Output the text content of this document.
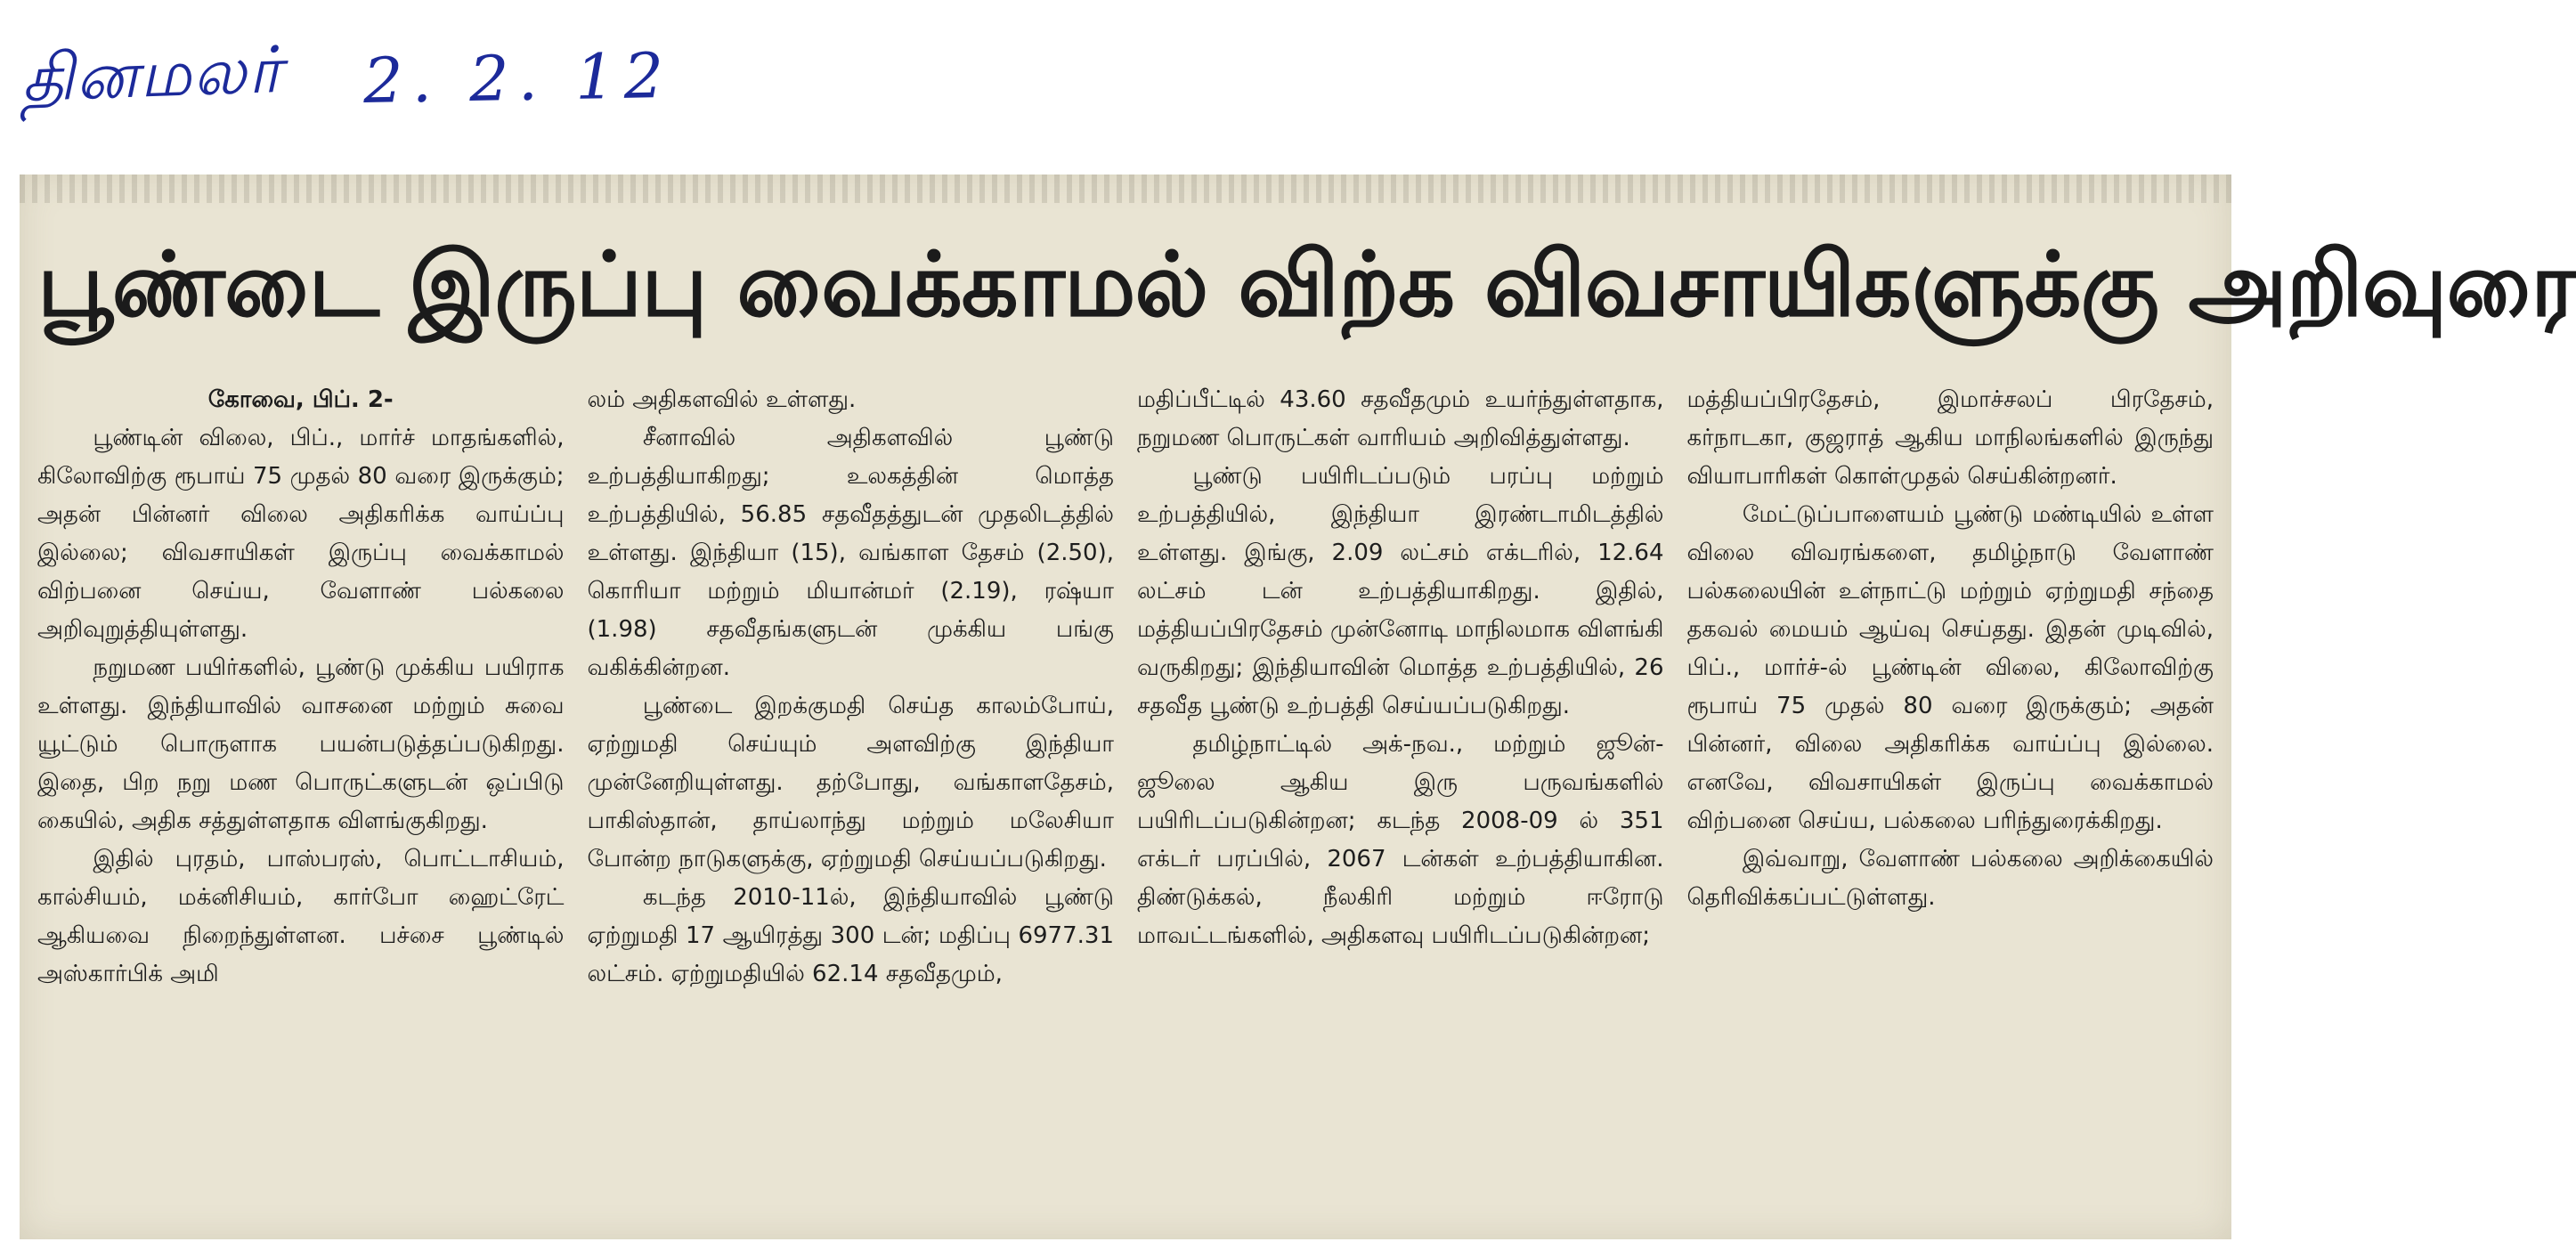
தினமலர் 2. 2. 12
பூண்டை இருப்பு வைக்காமல் விற்க விவசாயிகளுக்கு அறிவுரை
கோவை, பிப். 2-

பூண்டின் விலை, பிப்., மார்ச் மாதங்களில், கிலோவிற்கு ரூபாய் 75 முதல் 80 வரை இருக்கும்; அதன் பின்னர் விலை அதிகரிக்க வாய்ப்பு இல்லை; விவசாயிகள் இருப்பு வைக்காமல் விற்பனை செய்ய, வேளாண் பல்கலை அறிவுறுத்தியுள்ளது.

நறுமண பயிர்களில், பூண்டு முக்கிய பயிராக உள்ளது. இந்தியாவில் வாசனை மற்றும் சுவை யூட்டும் பொருளாக பயன்படுத்தப்படுகிறது. இதை, பிற நறு மண பொருட்களுடன் ஒப்பிடு கையில், அதிக சத்துள்ளதாக விளங்குகிறது.

இதில் புரதம், பாஸ்பரஸ், பொட்டாசியம், கால்சியம், மக்னிசியம், கார்போ ஹைட்ரேட் ஆகியவை நிறைந்துள்ளன. பச்சை பூண்டில் அஸ்கார்பிக் அமி

லம் அதிகளவில் உள்ளது.

சீனாவில் அதிகளவில் பூண்டு உற்பத்தியாகிறது; உலகத்தின் மொத்த உற்பத்தியில், 56.85 சதவீதத்துடன் முதலிடத்தில் உள்ளது. இந்தியா (15), வங்காள தேசம் (2.50), கொரியா மற்றும் மியான்மர் (2.19), ரஷ்யா (1.98) சதவீதங்களுடன் முக்கிய பங்கு வகிக்கின்றன.

பூண்டை இறக்குமதி செய்த காலம்போய், ஏற்றுமதி செய்யும் அளவிற்கு இந்தியா முன்னேறியுள்ளது. தற்போது, வங்காளதேசம், பாகிஸ்தான், தாய்லாந்து மற்றும் மலேசியா போன்ற நாடுகளுக்கு, ஏற்றுமதி செய்யப்படுகிறது.

கடந்த 2010-11ல், இந்தியாவில் பூண்டு ஏற்றுமதி 17 ஆயிரத்து 300 டன்; மதிப்பு 6977.31 லட்சம். ஏற்றுமதியில் 62.14 சதவீதமும்,

மதிப்பீட்டில் 43.60 சதவீதமும் உயர்ந்துள்ளதாக, நறுமண பொருட்கள் வாரியம் அறிவித்துள்ளது.

பூண்டு பயிரிடப்படும் பரப்பு மற்றும் உற்பத்தியில், இந்தியா இரண்டாமிடத்தில் உள்ளது. இங்கு, 2.09 லட்சம் எக்டரில், 12.64 லட்சம் டன் உற்பத்தியாகிறது. இதில், மத்தியப்பிரதேசம் முன்னோடி மாநிலமாக விளங்கி வருகிறது; இந்தியாவின் மொத்த உற்பத்தியில், 26 சதவீத பூண்டு உற்பத்தி செய்யப்படுகிறது.

தமிழ்நாட்டில் அக்-நவ., மற்றும் ஜூன்-ஜூலை ஆகிய இரு பருவங்களில் பயிரிடப்படுகின்றன; கடந்த 2008-09 ல் 351 எக்டர் பரப்பில், 2067 டன்கள் உற்பத்தியாகின. திண்டுக்கல், நீலகிரி மற்றும் ஈரோடு மாவட்டங்களில், அதிகளவு பயிரிடப்படுகின்றன;

மத்தியப்பிரதேசம், இமாச்சலப் பிரதேசம், கர்நாடகா, குஜராத் ஆகிய மாநிலங்களில் இருந்து வியாபாரிகள் கொள்முதல் செய்கின்றனர்.

மேட்டுப்பாளையம் பூண்டு மண்டியில் உள்ள விலை விவரங்களை, தமிழ்நாடு வேளாண் பல்கலையின் உள்நாட்டு மற்றும் ஏற்றுமதி சந்தை தகவல் மையம் ஆய்வு செய்தது. இதன் முடிவில், பிப்., மார்ச்-ல் பூண்டின் விலை, கிலோவிற்கு ரூபாய் 75 முதல் 80 வரை இருக்கும்; அதன் பின்னர், விலை அதிகரிக்க வாய்ப்பு இல்லை. எனவே, விவசாயிகள் இருப்பு வைக்காமல் விற்பனை செய்ய, பல்கலை பரிந்துரைக்கிறது.

இவ்வாறு, வேளாண் பல்கலை அறிக்கையில் தெரிவிக்கப்பட்டுள்ளது.
